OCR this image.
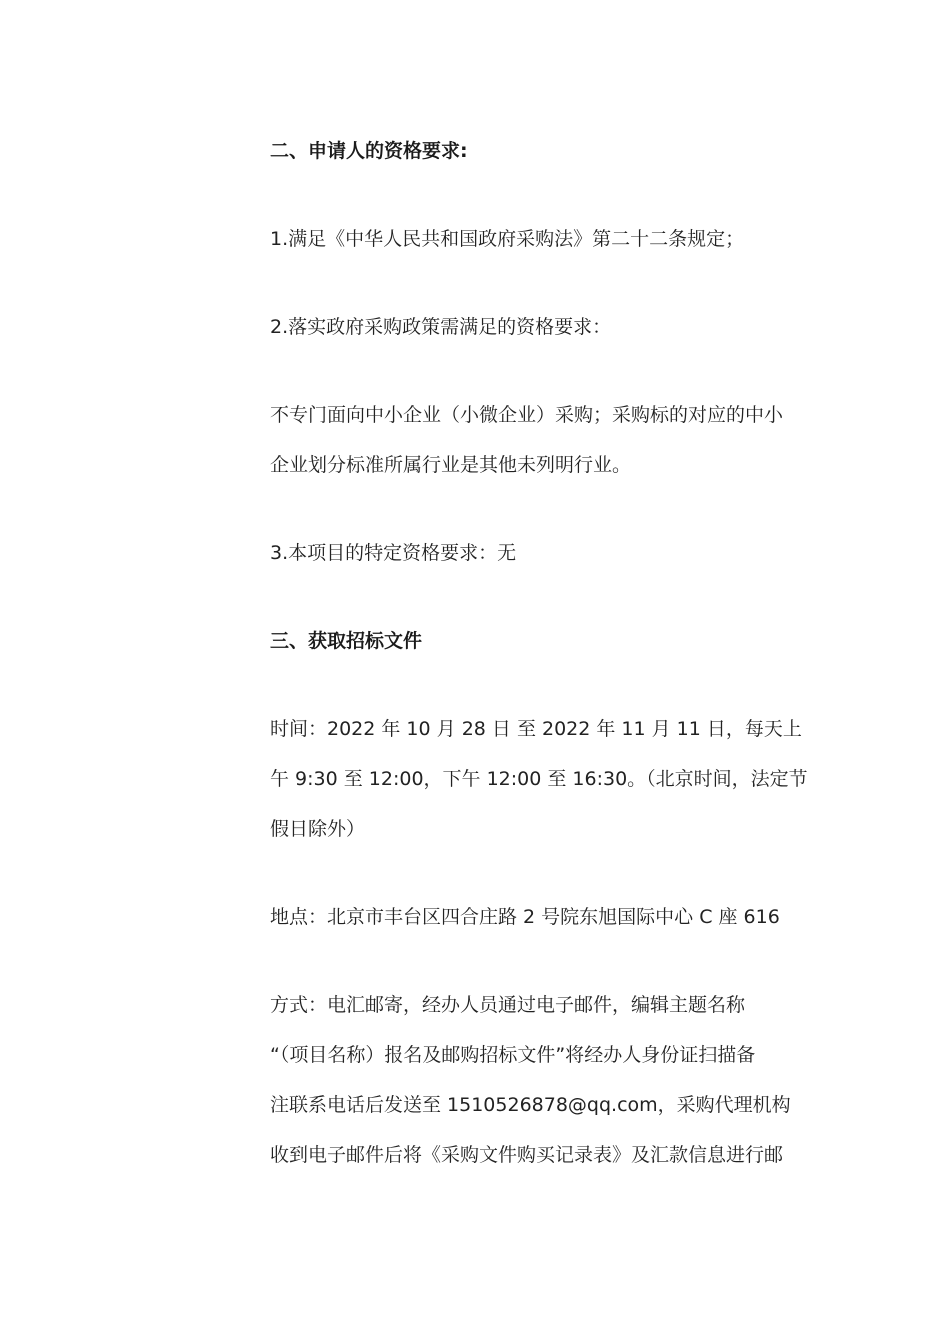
二、申请人的资格要求:
1.满足《中华人民共和国政府采购法》第二十二条规定；
2.落实政府采购政策需满足的资格要求：
不专门面向中小企业（小微企业）采购；采购标的对应的中小
企业划分标准所属行业是其他未列明行业。
3.本项目的特定资格要求：无
三、获取招标文件
时间：2022 年 10 月 28 日 至 2022 年 11 月 11 日，每天上
午 9:30 至 12:00，下午 12:00 至 16:30。（北京时间，法定节
假日除外）
地点：北京市丰台区四合庄路 2 号院东旭国际中心 C 座 616
方式：电汇邮寄，经办人员通过电子邮件，编辑主题名称
“（项目名称）报名及邮购招标文件”将经办人身份证扫描备
注联系电话后发送至 1510526878@qq.com，采购代理机构
收到电子邮件后将《采购文件购买记录表》及汇款信息进行邮
